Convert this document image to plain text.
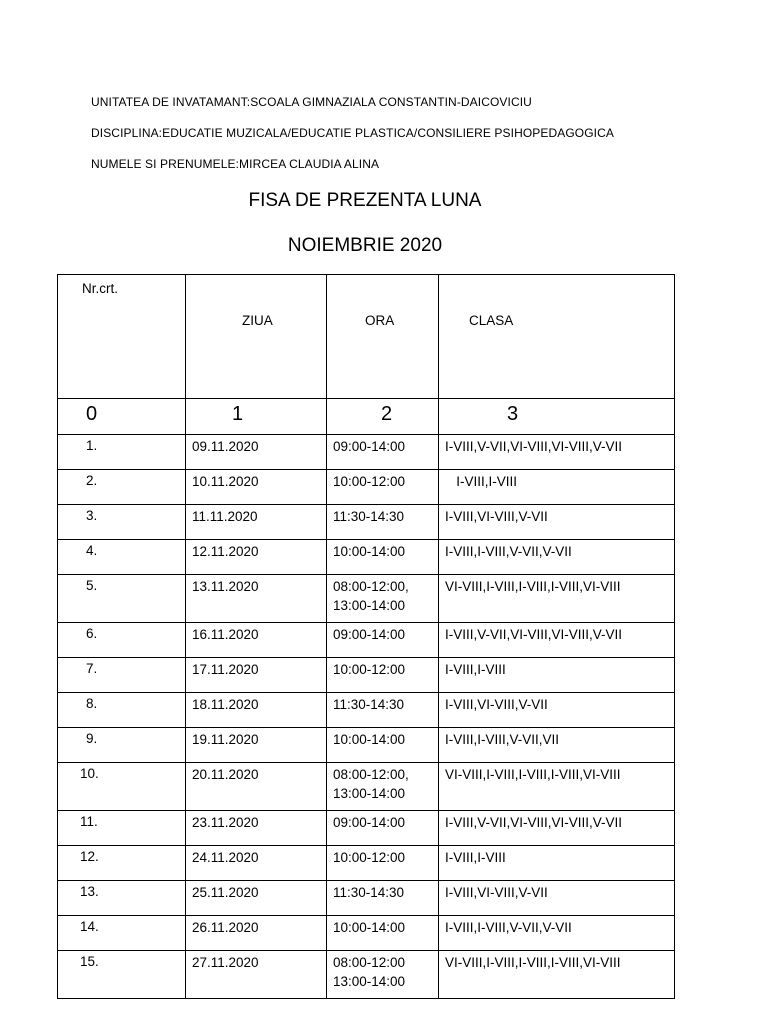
UNITATEA DE INVATAMANT:SCOALA GIMNAZIALA CONSTANTIN-DAICOVICIU
DISCIPLINA:EDUCATIE MUZICALA/EDUCATIE PLASTICA/CONSILIERE PSIHOPEDAGOGICA
NUMELE SI PRENUMELE:MIRCEA CLAUDIA ALINA
FISA DE PREZENTA LUNA
NOIEMBRIE 2020
Nr.crt.	ZIUA	ORA	CLASA
0	1	2	3
1.	09.11.2020	09:00-14:00	I-VIII,V-VII,VI-VIII,VI-VIII,V-VII
2.	10.11.2020	10:00-12:00	I-VIII,I-VIII
3.	11.11.2020	11:30-14:30	I-VIII,VI-VIII,V-VII
4.	12.11.2020	10:00-14:00	I-VIII,I-VIII,V-VII,V-VII
5.	13.11.2020	08:00-12:00,
13:00-14:00	VI-VIII,I-VIII,I-VIII,I-VIII,VI-VIII
6.	16.11.2020	09:00-14:00	I-VIII,V-VII,VI-VIII,VI-VIII,V-VII
7.	17.11.2020	10:00-12:00	I-VIII,I-VIII
8.	18.11.2020	11:30-14:30	I-VIII,VI-VIII,V-VII
9.	19.11.2020	10:00-14:00	I-VIII,I-VIII,V-VII,VII
10.	20.11.2020	08:00-12:00,
13:00-14:00	VI-VIII,I-VIII,I-VIII,I-VIII,VI-VIII
11.	23.11.2020	09:00-14:00	I-VIII,V-VII,VI-VIII,VI-VIII,V-VII
12.	24.11.2020	10:00-12:00	I-VIII,I-VIII
13.	25.11.2020	11:30-14:30	I-VIII,VI-VIII,V-VII
14.	26.11.2020	10:00-14:00	I-VIII,I-VIII,V-VII,V-VII
15.	27.11.2020	08:00-12:00
13:00-14:00	VI-VIII,I-VIII,I-VIII,I-VIII,VI-VIII
